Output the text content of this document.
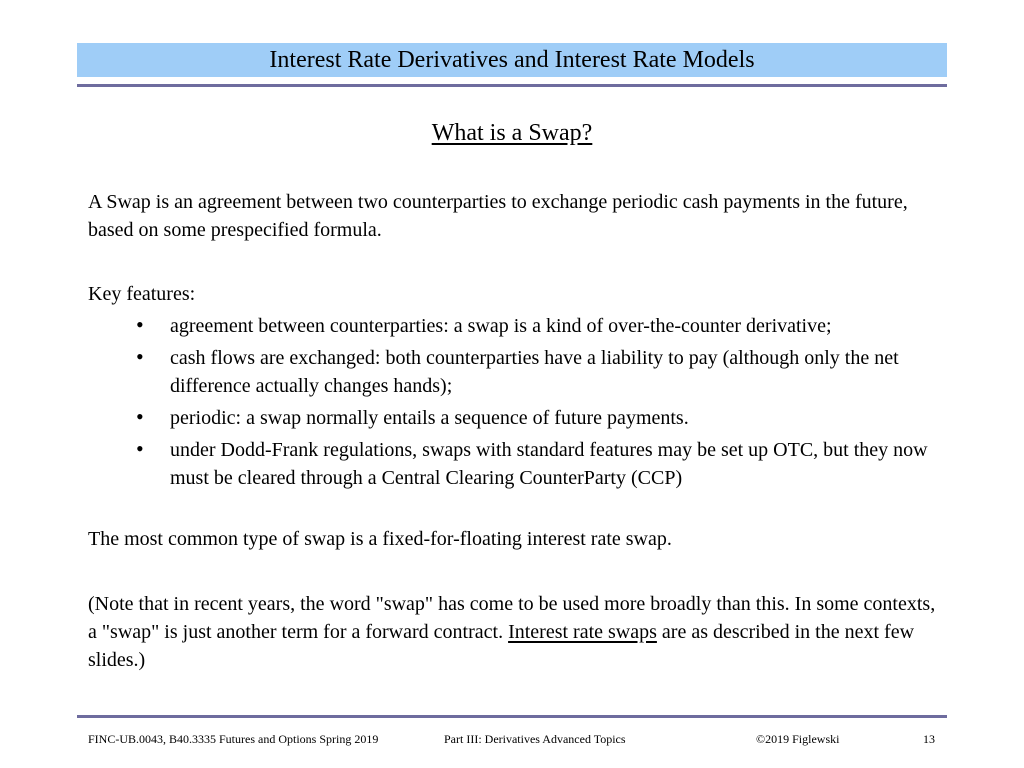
Interest Rate Derivatives and Interest Rate Models
What is a Swap?

A Swap is an agreement between two counterparties to exchange periodic cash payments in the future, based on some prespecified formula.

Key features:

• agreement between counterparties: a swap is a kind of over-the-counter derivative;
• cash flows are exchanged: both counterparties have a liability to pay (although only the net difference actually changes hands);
• periodic: a swap normally entails a sequence of future payments.
• under Dodd-Frank regulations, swaps with standard features may be set up OTC, but they now must be cleared through a Central Clearing CounterParty (CCP)

The most common type of swap is a fixed-for-floating interest rate swap.

(Note that in recent years, the word "swap" has come to be used more broadly than this. In some contexts, a "swap" is just another term for a forward contract. Interest rate swaps are as described in the next few slides.)

FINC-UB.0043, B40.3335 Futures and Options Spring 2019	Part III: Derivatives Advanced Topics	©2019 Figlewski	13
